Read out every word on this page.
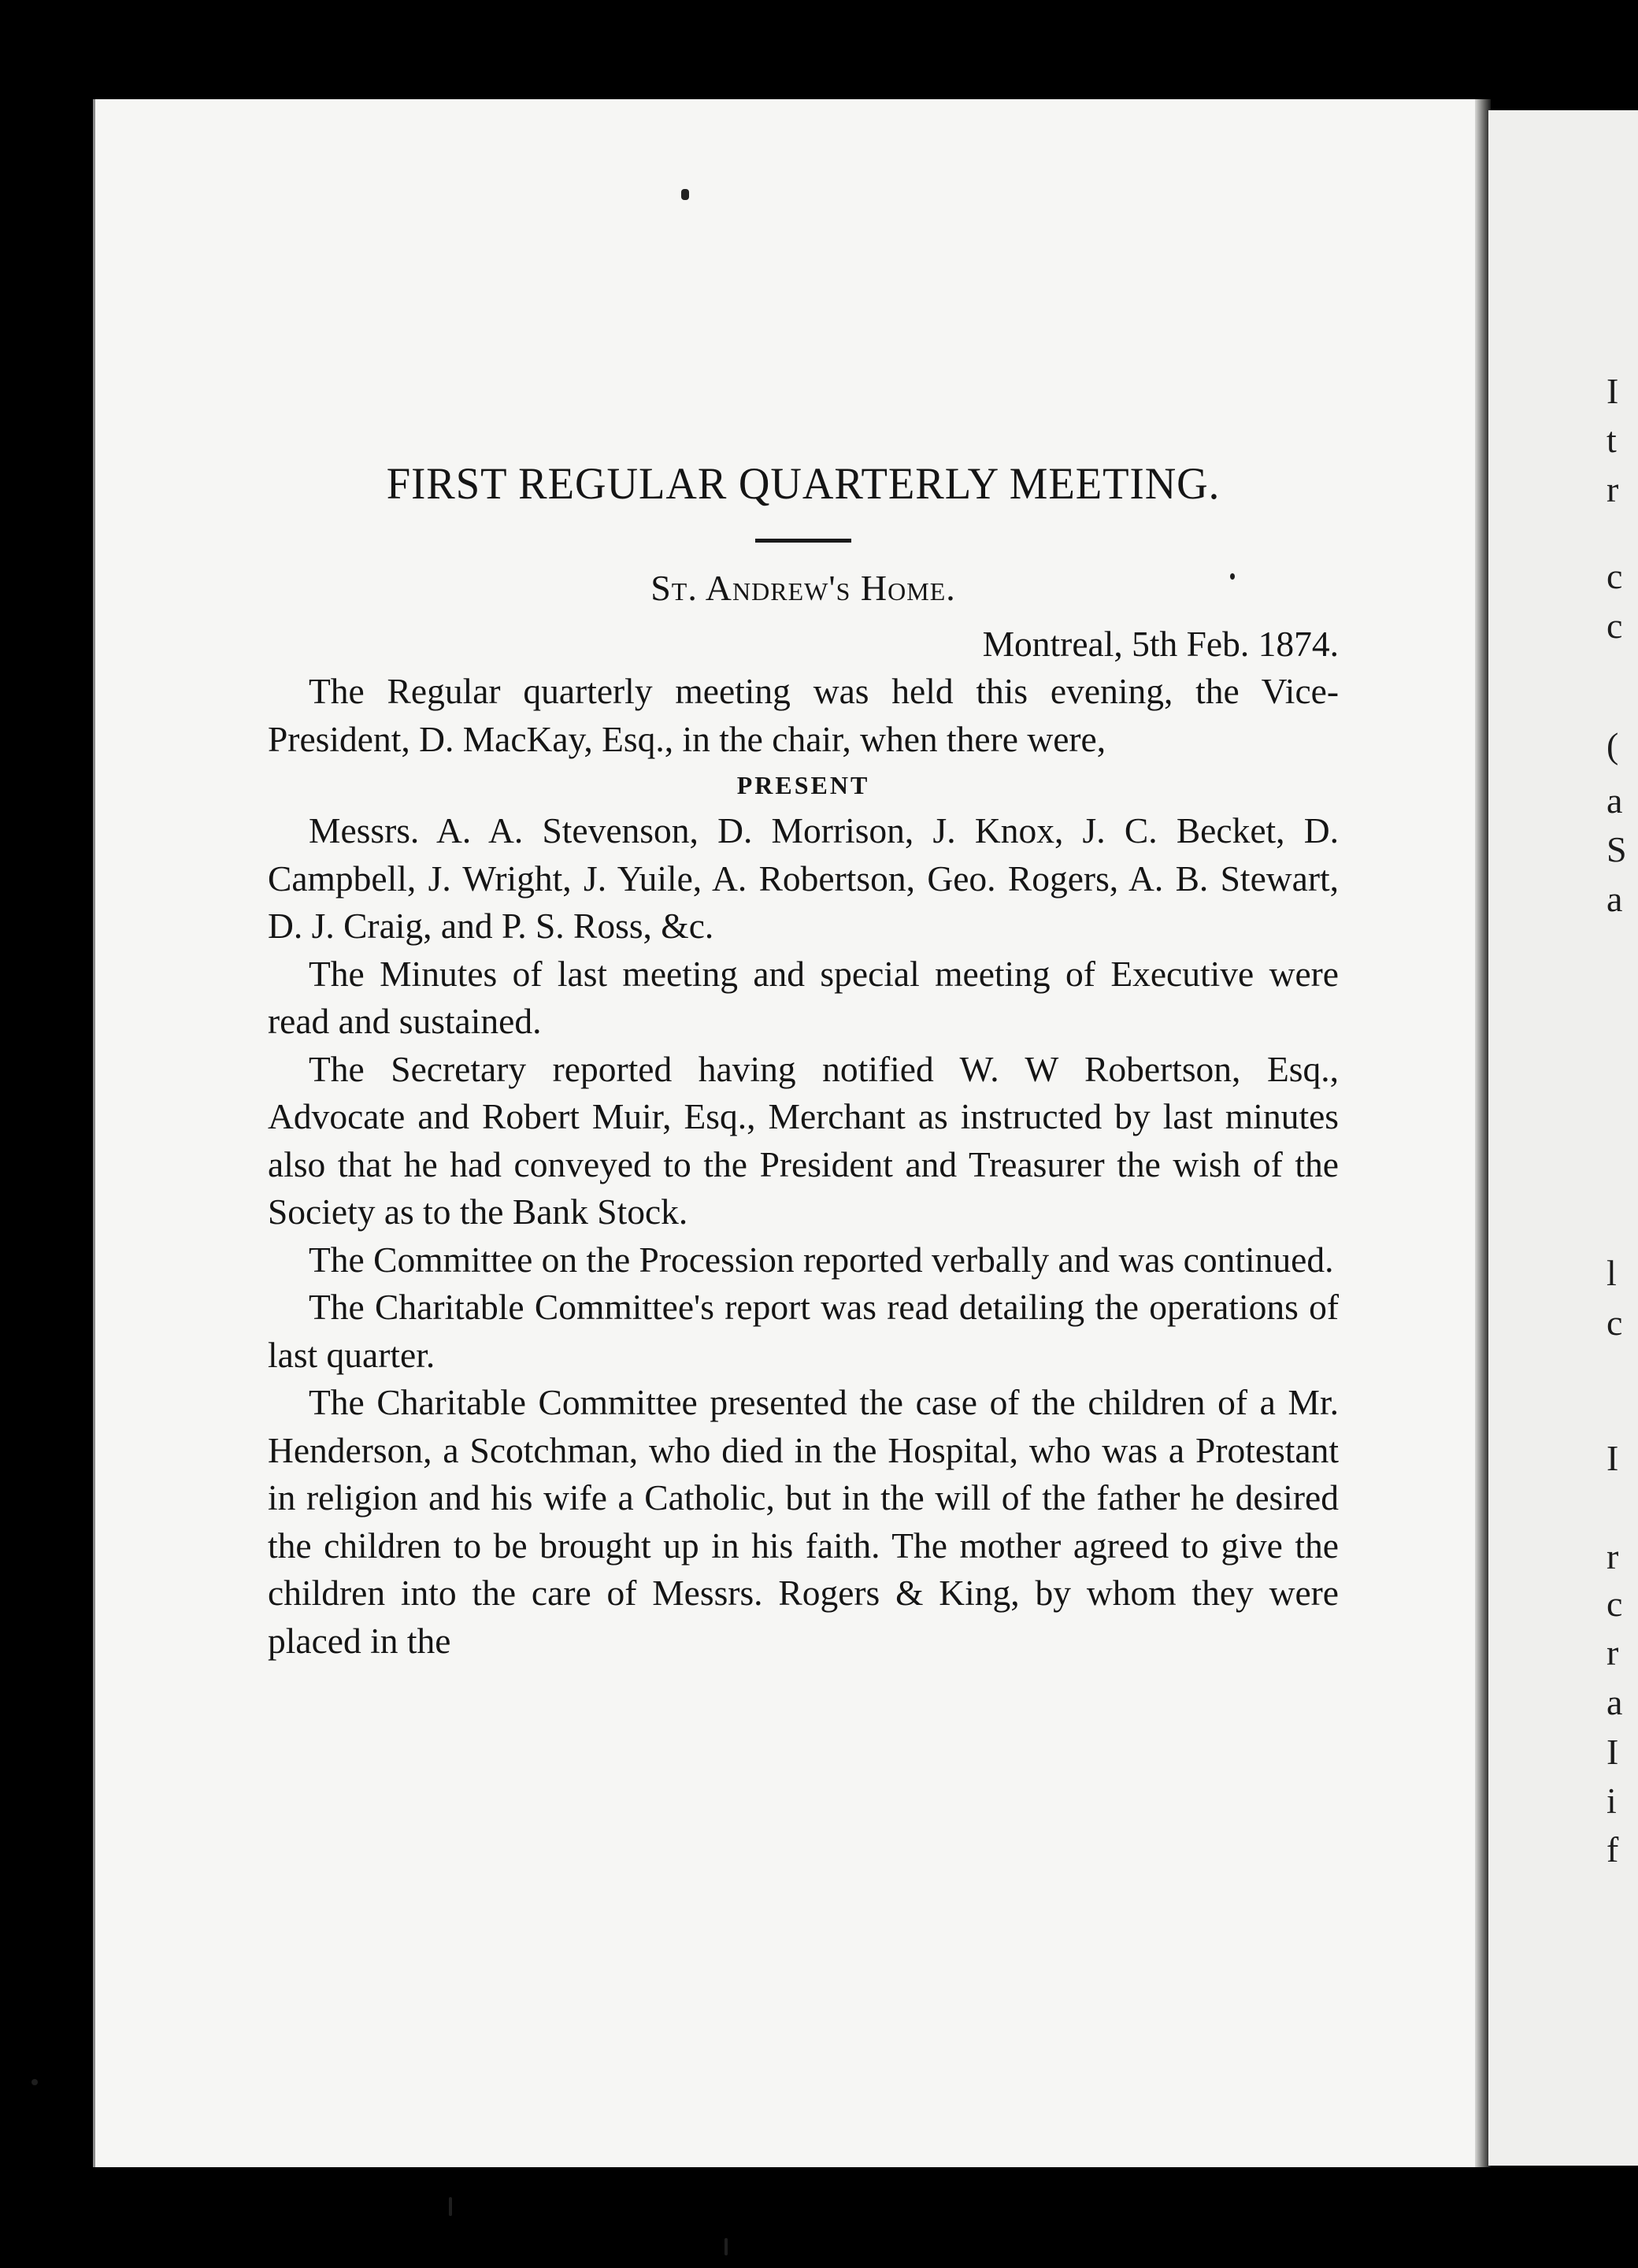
I
t
r
c
c
(
a
S
a
l
c
I
r
c
r
a
I
i
f
FIRST REGULAR QUARTERLY MEETING.
St. Andrew's Home.

Montreal, 5th Feb. 1874.

The Regular quarterly meeting was held this evening, the Vice-President, D. MacKay, Esq., in the chair, when there were,

PRESENT

Messrs. A. A. Stevenson, D. Morrison, J. Knox, J. C. Becket, D. Campbell, J. Wright, J. Yuile, A. Robertson, Geo. Rogers, A. B. Stewart, D. J. Craig, and P. S. Ross, &c.

The Minutes of last meeting and special meeting of Executive were read and sustained.

The Secretary reported having notified W. W Robertson, Esq., Advocate and Robert Muir, Esq., Merchant as instructed by last minutes also that he had conveyed to the President and Treasurer the wish of the Society as to the Bank Stock.

The Committee on the Procession reported verbally and was continued.

The Charitable Committee's report was read detailing the operations of last quarter.

The Charitable Committee presented the case of the children of a Mr. Henderson, a Scotchman, who died in the Hospital, who was a Protestant in religion and his wife a Catholic, but in the will of the father he desired the children to be brought up in his faith. The mother agreed to give the children into the care of Messrs. Rogers & King, by whom they were placed in the
